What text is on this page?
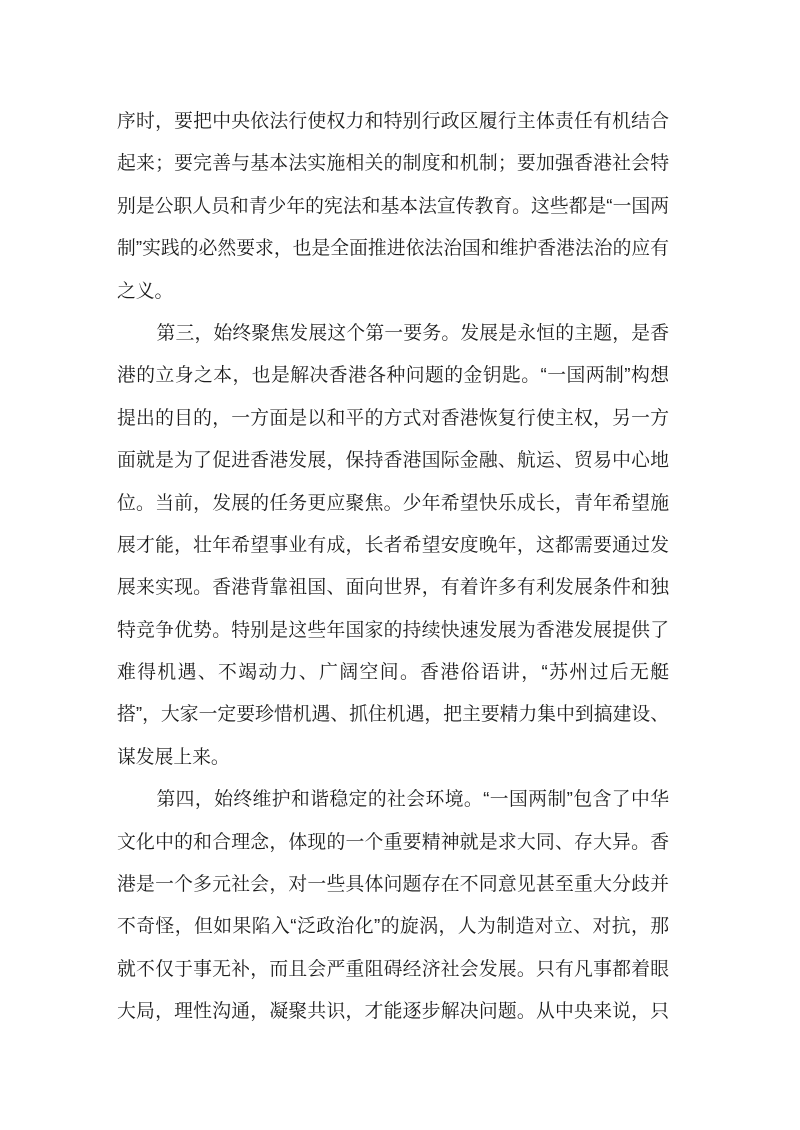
序时，要把中央依法行使权力和特别行政区履行主体责任有机结合
起来；要完善与基本法实施相关的制度和机制；要加强香港社会特
别是公职人员和青少年的宪法和基本法宣传教育。这些都是“一国两
制”实践的必然要求，也是全面推进依法治国和维护香港法治的应有
之义。
第三，始终聚焦发展这个第一要务。发展是永恒的主题，是香
港的立身之本，也是解决香港各种问题的金钥匙。“一国两制”构想
提出的目的，一方面是以和平的方式对香港恢复行使主权，另一方
面就是为了促进香港发展，保持香港国际金融、航运、贸易中心地
位。当前，发展的任务更应聚焦。少年希望快乐成长，青年希望施
展才能，壮年希望事业有成，长者希望安度晚年，这都需要通过发
展来实现。香港背靠祖国、面向世界，有着许多有利发展条件和独
特竞争优势。特别是这些年国家的持续快速发展为香港发展提供了
难得机遇、不竭动力、广阔空间。香港俗语讲，“苏州过后无艇
搭”，大家一定要珍惜机遇、抓住机遇，把主要精力集中到搞建设、
谋发展上来。
第四，始终维护和谐稳定的社会环境。“一国两制”包含了中华
文化中的和合理念，体现的一个重要精神就是求大同、存大异。香
港是一个多元社会，对一些具体问题存在不同意见甚至重大分歧并
不奇怪，但如果陷入“泛政治化”的旋涡，人为制造对立、对抗，那
就不仅于事无补，而且会严重阻碍经济社会发展。只有凡事都着眼
大局，理性沟通，凝聚共识，才能逐步解决问题。从中央来说，只
